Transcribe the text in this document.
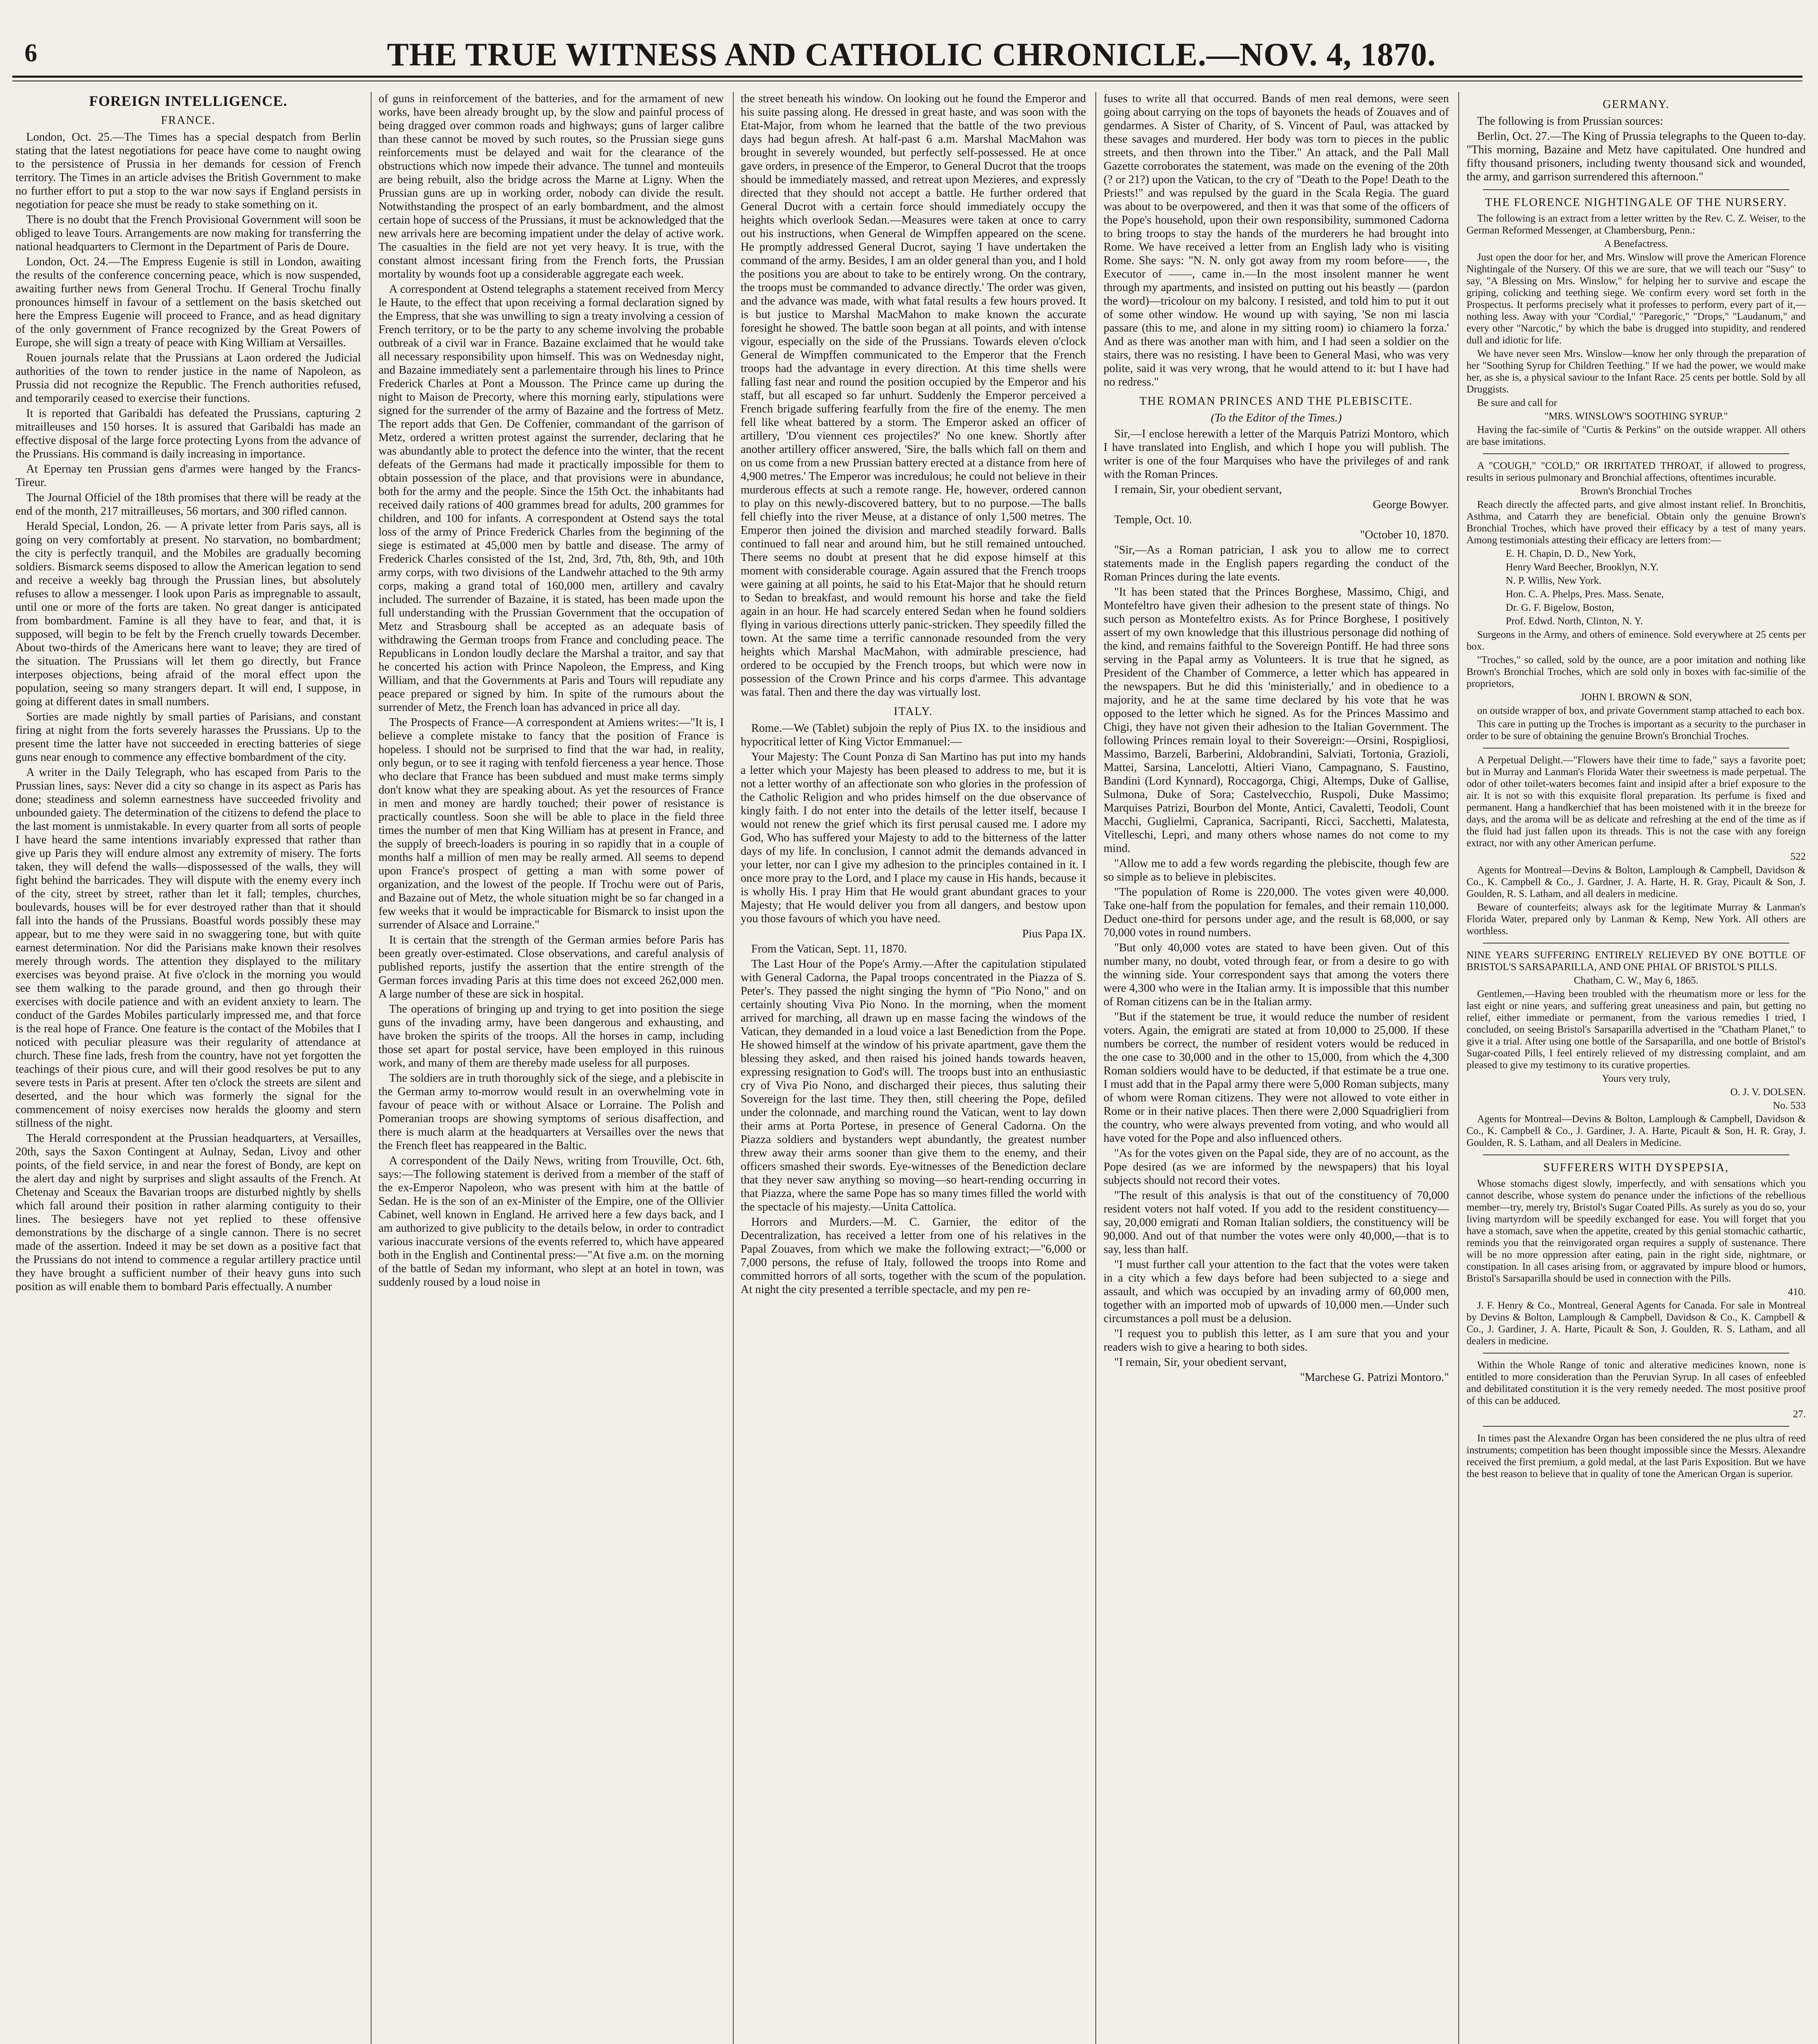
6	THE TRUE WITNESS AND CATHOLIC CHRONICLE.—NOV. 4, 1870.
FOREIGN INTELLIGENCE.
FRANCE.

London, Oct. 25.—The Times has a special despatch from Berlin stating that the latest negotiations for peace have come to naught owing to the persistence of Prussia in her demands for cession of French territory. The Times in an article advises the British Government to make no further effort to put a stop to the war now says if England persists in negotiation for peace she must be ready to stake something on it.

There is no doubt that the French Provisional Government will soon be obliged to leave Tours. Arrangements are now making for transferring the national headquarters to Clermont in the Department of Paris de Doure.

London, Oct. 24.—The Empress Eugenie is still in London, awaiting the results of the conference concerning peace, which is now suspended, awaiting further news from General Trochu. If General Trochu finally pronounces himself in favour of a settlement on the basis sketched out here the Empress Eugenie will proceed to France, and as head dignitary of the only government of France recognized by the Great Powers of Europe, she will sign a treaty of peace with King William at Versailles.

Rouen journals relate that the Prussians at Laon ordered the Judicial authorities of the town to render justice in the name of Napoleon, as Prussia did not recognize the Republic. The French authorities refused, and temporarily ceased to exercise their functions.

It is reported that Garibaldi has defeated the Prussians, capturing 2 mitrailleuses and 150 horses. It is assured that Garibaldi has made an effective disposal of the large force protecting Lyons from the advance of the Prussians. His command is daily increasing in importance.

At Epernay ten Prussian gens d'armes were hanged by the Francs-Tireur.

The Journal Officiel of the 18th promises that there will be ready at the end of the month, 217 mitrailleuses, 56 mortars, and 300 rifled cannon.

Herald Special, London, 26. — A private letter from Paris says, all is going on very comfortably at present. No starvation, no bombardment; the city is perfectly tranquil, and the Mobiles are gradually becoming soldiers. Bismarck seems disposed to allow the American legation to send and receive a weekly bag through the Prussian lines, but absolutely refuses to allow a messenger. I look upon Paris as impregnable to assault, until one or more of the forts are taken. No great danger is anticipated from bombardment. Famine is all they have to fear, and that, it is supposed, will begin to be felt by the French cruelly towards December. About two-thirds of the Americans here want to leave; they are tired of the situation. The Prussians will let them go directly, but France interposes objections, being afraid of the moral effect upon the population, seeing so many strangers depart. It will end, I suppose, in going at different dates in small numbers.

Sorties are made nightly by small parties of Parisians, and constant firing at night from the forts severely harasses the Prussians. Up to the present time the latter have not succeeded in erecting batteries of siege guns near enough to commence any effective bombardment of the city.

A writer in the Daily Telegraph, who has escaped from Paris to the Prussian lines, says: Never did a city so change in its aspect as Paris has done; steadiness and solemn earnestness have succeeded frivolity and unbounded gaiety. The determination of the citizens to defend the place to the last moment is unmistakable. In every quarter from all sorts of people I have heard the same intentions invariably expressed that rather than give up Paris they will endure almost any extremity of misery. The forts taken, they will defend the walls—dispossessed of the walls, they will fight behind the barricades. They will dispute with the enemy every inch of the city, street by street, rather than let it fall; temples, churches, boulevards, houses will be for ever destroyed rather than that it should fall into the hands of the Prussians. Boastful words possibly these may appear, but to me they were said in no swaggering tone, but with quite earnest determination. Nor did the Parisians make known their resolves merely through words. The attention they displayed to the military exercises was beyond praise. At five o'clock in the morning you would see them walking to the parade ground, and then go through their exercises with docile patience and with an evident anxiety to learn. The conduct of the Gardes Mobiles particularly impressed me, and that force is the real hope of France. One feature is the contact of the Mobiles that I noticed with peculiar pleasure was their regularity of attendance at church. These fine lads, fresh from the country, have not yet forgotten the teachings of their pious cure, and will their good resolves be put to any severe tests in Paris at present. After ten o'clock the streets are silent and deserted, and the hour which was formerly the signal for the commencement of noisy exercises now heralds the gloomy and stern stillness of the night.

The Herald correspondent at the Prussian headquarters, at Versailles, 20th, says the Saxon Contingent at Aulnay, Sedan, Livoy and other points, of the field service, in and near the forest of Bondy, are kept on the alert day and night by surprises and slight assaults of the French. At Chetenay and Sceaux the Bavarian troops are disturbed nightly by shells which fall around their position in rather alarming contiguity to their lines. The besiegers have not yet replied to these offensive demonstrations by the discharge of a single cannon. There is no secret made of the assertion. Indeed it may be set down as a positive fact that the Prussians do not intend to commence a regular artillery practice until they have brought a sufficient number of their heavy guns into such position as will enable them to bombard Paris effectually. A number

of guns in reinforcement of the batteries, and for the armament of new works, have been already brought up, by the slow and painful process of being dragged over common roads and highways; guns of larger calibre than these cannot be moved by such routes, so the Prussian siege guns reinforcements must be delayed and wait for the clearance of the obstructions which now impede their advance. The tunnel and monteuils are being rebuilt, also the bridge across the Marne at Ligny. When the Prussian guns are up in working order, nobody can divide the result. Notwithstanding the prospect of an early bombardment, and the almost certain hope of success of the Prussians, it must be acknowledged that the new arrivals here are becoming impatient under the delay of active work. The casualties in the field are not yet very heavy. It is true, with the constant almost incessant firing from the French forts, the Prussian mortality by wounds foot up a considerable aggregate each week.

A correspondent at Ostend telegraphs a statement received from Mercy le Haute, to the effect that upon receiving a formal declaration signed by the Empress, that she was unwilling to sign a treaty involving a cession of French territory, or to be the party to any scheme involving the probable outbreak of a civil war in France. Bazaine exclaimed that he would take all necessary responsibility upon himself. This was on Wednesday night, and Bazaine immediately sent a parlementaire through his lines to Prince Frederick Charles at Pont a Mousson. The Prince came up during the night to Maison de Precorty, where this morning early, stipulations were signed for the surrender of the army of Bazaine and the fortress of Metz. The report adds that Gen. De Coffenier, commandant of the garrison of Metz, ordered a written protest against the surrender, declaring that he was abundantly able to protect the defence into the winter, that the recent defeats of the Germans had made it practically impossible for them to obtain possession of the place, and that provisions were in abundance, both for the army and the people. Since the 15th Oct. the inhabitants had received daily rations of 400 grammes bread for adults, 200 grammes for children, and 100 for infants. A correspondent at Ostend says the total loss of the army of Prince Frederick Charles from the beginning of the siege is estimated at 45,000 men by battle and disease. The army of Frederick Charles consisted of the 1st, 2nd, 3rd, 7th, 8th, 9th, and 10th army corps, with two divisions of the Landwehr attached to the 9th army corps, making a grand total of 160,000 men, artillery and cavalry included. The surrender of Bazaine, it is stated, has been made upon the full understanding with the Prussian Government that the occupation of Metz and Strasbourg shall be accepted as an adequate basis of withdrawing the German troops from France and concluding peace. The Republicans in London loudly declare the Marshal a traitor, and say that he concerted his action with Prince Napoleon, the Empress, and King William, and that the Governments at Paris and Tours will repudiate any peace prepared or signed by him. In spite of the rumours about the surrender of Metz, the French loan has advanced in price all day.

The Prospects of France—A correspondent at Amiens writes:—"It is, I believe a complete mistake to fancy that the position of France is hopeless. I should not be surprised to find that the war had, in reality, only begun, or to see it raging with tenfold fierceness a year hence. Those who declare that France has been subdued and must make terms simply don't know what they are speaking about. As yet the resources of France in men and money are hardly touched; their power of resistance is practically countless. Soon she will be able to place in the field three times the number of men that King William has at present in France, and the supply of breech-loaders is pouring in so rapidly that in a couple of months half a million of men may be really armed. All seems to depend upon France's prospect of getting a man with some power of organization, and the lowest of the people. If Trochu were out of Paris, and Bazaine out of Metz, the whole situation might be so far changed in a few weeks that it would be impracticable for Bismarck to insist upon the surrender of Alsace and Lorraine."

It is certain that the strength of the German armies before Paris has been greatly over-estimated. Close observations, and careful analysis of published reports, justify the assertion that the entire strength of the German forces invading Paris at this time does not exceed 262,000 men. A large number of these are sick in hospital.

The operations of bringing up and trying to get into position the siege guns of the invading army, have been dangerous and exhausting, and have broken the spirits of the troops. All the horses in camp, including those set apart for postal service, have been employed in this ruinous work, and many of them are thereby made useless for all purposes.

The soldiers are in truth thoroughly sick of the siege, and a plebiscite in the German army to-morrow would result in an overwhelming vote in favour of peace with or without Alsace or Lorraine. The Polish and Pomeranian troops are showing symptoms of serious disaffection, and there is much alarm at the headquarters at Versailles over the news that the French fleet has reappeared in the Baltic.

A correspondent of the Daily News, writing from Trouville, Oct. 6th, says:—The following statement is derived from a member of the staff of the ex-Emperor Napoleon, who was present with him at the battle of Sedan. He is the son of an ex-Minister of the Empire, one of the Ollivier Cabinet, well known in England. He arrived here a few days back, and I am authorized to give publicity to the details below, in order to contradict various inaccurate versions of the events referred to, which have appeared both in the English and Continental press:—"At five a.m. on the morning of the battle of Sedan my informant, who slept at an hotel in town, was suddenly roused by a loud noise in

the street beneath his window. On looking out he found the Emperor and his suite passing along. He dressed in great haste, and was soon with the Etat-Major, from whom he learned that the battle of the two previous days had begun afresh. At half-past 6 a.m. Marshal MacMahon was brought in severely wounded, but perfectly self-possessed. He at once gave orders, in presence of the Emperor, to General Ducrot that the troops should be immediately massed, and retreat upon Mezieres, and expressly directed that they should not accept a battle. He further ordered that General Ducrot with a certain force should immediately occupy the heights which overlook Sedan.—Measures were taken at once to carry out his instructions, when General de Wimpffen appeared on the scene. He promptly addressed General Ducrot, saying 'I have undertaken the command of the army. Besides, I am an older general than you, and I hold the positions you are about to take to be entirely wrong. On the contrary, the troops must be commanded to advance directly.' The order was given, and the advance was made, with what fatal results a few hours proved. It is but justice to Marshal MacMahon to make known the accurate foresight he showed. The battle soon began at all points, and with intense vigour, especially on the side of the Prussians. Towards eleven o'clock General de Wimpffen communicated to the Emperor that the French troops had the advantage in every direction. At this time shells were falling fast near and round the position occupied by the Emperor and his staff, but all escaped so far unhurt. Suddenly the Emperor perceived a French brigade suffering fearfully from the fire of the enemy. The men fell like wheat battered by a storm. The Emperor asked an officer of artillery, 'D'ou viennent ces projectiles?' No one knew. Shortly after another artillery officer answered, 'Sire, the balls which fall on them and on us come from a new Prussian battery erected at a distance from here of 4,900 metres.' The Emperor was incredulous; he could not believe in their murderous effects at such a remote range. He, however, ordered cannon to play on this newly-discovered battery, but to no purpose.—The balls fell chiefly into the river Meuse, at a distance of only 1,500 metres. The Emperor then joined the division and marched steadily forward. Balls continued to fall near and around him, but he still remained untouched. There seems no doubt at present that he did expose himself at this moment with considerable courage. Again assured that the French troops were gaining at all points, he said to his Etat-Major that he should return to Sedan to breakfast, and would remount his horse and take the field again in an hour. He had scarcely entered Sedan when he found soldiers flying in various directions utterly panic-stricken. They speedily filled the town. At the same time a terrific cannonade resounded from the very heights which Marshal MacMahon, with admirable prescience, had ordered to be occupied by the French troops, but which were now in possession of the Crown Prince and his corps d'armee. This advantage was fatal. Then and there the day was virtually lost.

ITALY.

Rome.—We (Tablet) subjoin the reply of Pius IX. to the insidious and hypocritical letter of King Victor Emmanuel:—

Your Majesty: The Count Ponza di San Martino has put into my hands a letter which your Majesty has been pleased to address to me, but it is not a letter worthy of an affectionate son who glories in the profession of the Catholic Religion and who prides himself on the due observance of kingly faith. I do not enter into the details of the letter itself, because I would not renew the grief which its first perusal caused me. I adore my God, Who has suffered your Majesty to add to the bitterness of the latter days of my life. In conclusion, I cannot admit the demands advanced in your letter, nor can I give my adhesion to the principles contained in it. I once more pray to the Lord, and I place my cause in His hands, because it is wholly His. I pray Him that He would grant abundant graces to your Majesty; that He would deliver you from all dangers, and bestow upon you those favours of which you have need.

Pius Papa IX.

From the Vatican, Sept. 11, 1870.

The Last Hour of the Pope's Army.—After the capitulation stipulated with General Cadorna, the Papal troops concentrated in the Piazza of S. Peter's. They passed the night singing the hymn of "Pio Nono," and on certainly shouting Viva Pio Nono. In the morning, when the moment arrived for marching, all drawn up en masse facing the windows of the Vatican, they demanded in a loud voice a last Benediction from the Pope. He showed himself at the window of his private apartment, gave them the blessing they asked, and then raised his joined hands towards heaven, expressing resignation to God's will. The troops bust into an enthusiastic cry of Viva Pio Nono, and discharged their pieces, thus saluting their Sovereign for the last time. They then, still cheering the Pope, defiled under the colonnade, and marching round the Vatican, went to lay down their arms at Porta Portese, in presence of General Cadorna. On the Piazza soldiers and bystanders wept abundantly, the greatest number threw away their arms sooner than give them to the enemy, and their officers smashed their swords. Eye-witnesses of the Benediction declare that they never saw anything so moving—so heart-rending occurring in that Piazza, where the same Pope has so many times filled the world with the spectacle of his majesty.—Unita Cattolica.

Horrors and Murders.—M. C. Garnier, the editor of the Decentralization, has received a letter from one of his relatives in the Papal Zouaves, from which we make the following extract;—"6,000 or 7,000 persons, the refuse of Italy, followed the troops into Rome and committed horrors of all sorts, together with the scum of the population. At night the city presented a terrible spectacle, and my pen re-

fuses to write all that occurred. Bands of men real demons, were seen going about carrying on the tops of bayonets the heads of Zouaves and of gendarmes. A Sister of Charity, of S. Vincent of Paul, was attacked by these savages and murdered. Her body was torn to pieces in the public streets, and then thrown into the Tiber." An attack, and the Pall Mall Gazette corroborates the statement, was made on the evening of the 20th (? or 21?) upon the Vatican, to the cry of "Death to the Pope! Death to the Priests!" and was repulsed by the guard in the Scala Regia. The guard was about to be overpowered, and then it was that some of the officers of the Pope's household, upon their own responsibility, summoned Cadorna to bring troops to stay the hands of the murderers he had brought into Rome. We have received a letter from an English lady who is visiting Rome. She says: "N. N. only got away from my room before——, the Executor of ——, came in.—In the most insolent manner he went through my apartments, and insisted on putting out his beastly — (pardon the word)—tricolour on my balcony. I resisted, and told him to put it out of some other window. He wound up with saying, 'Se non mi lascia passare (this to me, and alone in my sitting room) io chiamero la forza.' And as there was another man with him, and I had seen a soldier on the stairs, there was no resisting. I have been to General Masi, who was very polite, said it was very wrong, that he would attend to it: but I have had no redress."

THE ROMAN PRINCES AND THE PLEBISCITE.

(To the Editor of the Times.)

Sir,—I enclose herewith a letter of the Marquis Patrizi Montoro, which I have translated into English, and which I hope you will publish. The writer is one of the four Marquises who have the privileges of and rank with the Roman Princes.

I remain, Sir, your obedient servant,

George Bowyer.

Temple, Oct. 10.

"October 10, 1870.

"Sir,—As a Roman patrician, I ask you to allow me to correct statements made in the English papers regarding the conduct of the Roman Princes during the late events.

"It has been stated that the Princes Borghese, Massimo, Chigi, and Montefeltro have given their adhesion to the present state of things. No such person as Montefeltro exists. As for Prince Borghese, I positively assert of my own knowledge that this illustrious personage did nothing of the kind, and remains faithful to the Sovereign Pontiff. He had three sons serving in the Papal army as Volunteers. It is true that he signed, as President of the Chamber of Commerce, a letter which has appeared in the newspapers. But he did this 'ministerially,' and in obedience to a majority, and he at the same time declared by his vote that he was opposed to the letter which he signed. As for the Princes Massimo and Chigi, they have not given their adhesion to the Italian Government. The following Princes remain loyal to their Sovereign:—Orsini, Rospigliosi, Massimo, Barzeli, Barberini, Aldobrandini, Salviati, Tortonia, Grazioli, Mattei, Sarsina, Lancelotti, Altieri Viano, Campagnano, S. Faustino, Bandini (Lord Kynnard), Roccagorga, Chigi, Altemps, Duke of Gallise, Sulmona, Duke of Sora; Castelvecchio, Ruspoli, Duke Massimo; Marquises Patrizi, Bourbon del Monte, Antici, Cavaletti, Teodoli, Count Macchi, Guglielmi, Capranica, Sacripanti, Ricci, Sacchetti, Malatesta, Vitelleschi, Lepri, and many others whose names do not come to my mind.

"Allow me to add a few words regarding the plebiscite, though few are so simple as to believe in plebiscites.

"The population of Rome is 220,000. The votes given were 40,000. Take one-half from the population for females, and their remain 110,000. Deduct one-third for persons under age, and the result is 68,000, or say 70,000 votes in round numbers.

"But only 40,000 votes are stated to have been given. Out of this number many, no doubt, voted through fear, or from a desire to go with the winning side. Your correspondent says that among the voters there were 4,300 who were in the Italian army. It is impossible that this number of Roman citizens can be in the Italian army.

"But if the statement be true, it would reduce the number of resident voters. Again, the emigrati are stated at from 10,000 to 25,000. If these numbers be correct, the number of resident voters would be reduced in the one case to 30,000 and in the other to 15,000, from which the 4,300 Roman soldiers would have to be deducted, if that estimate be a true one. I must add that in the Papal army there were 5,000 Roman subjects, many of whom were Roman citizens. They were not allowed to vote either in Rome or in their native places. Then there were 2,000 Squadriglieri from the country, who were always prevented from voting, and who would all have voted for the Pope and also influenced others.

"As for the votes given on the Papal side, they are of no account, as the Pope desired (as we are informed by the newspapers) that his loyal subjects should not record their votes.

"The result of this analysis is that out of the constituency of 70,000 resident voters not half voted. If you add to the resident constituency—say, 20,000 emigrati and Roman Italian soldiers, the constituency will be 90,000. And out of that number the votes were only 40,000,—that is to say, less than half.

"I must further call your attention to the fact that the votes were taken in a city which a few days before had been subjected to a siege and assault, and which was occupied by an invading army of 60,000 men, together with an imported mob of upwards of 10,000 men.—Under such circumstances a poll must be a delusion.

"I request you to publish this letter, as I am sure that you and your readers wish to give a hearing to both sides.

"I remain, Sir, your obedient servant,

"Marchese G. Patrizi Montoro."

GERMANY.

The following is from Prussian sources:

Berlin, Oct. 27.—The King of Prussia telegraphs to the Queen to-day. "This morning, Bazaine and Metz have capitulated. One hundred and fifty thousand prisoners, including twenty thousand sick and wounded, the army, and garrison surrendered this afternoon."

THE FLORENCE NIGHTINGALE OF THE NURSERY.

The following is an extract from a letter written by the Rev. C. Z. Weiser, to the German Reformed Messenger, at Chambersburg, Penn.:

A Benefactress.

Just open the door for her, and Mrs. Winslow will prove the American Florence Nightingale of the Nursery. Of this we are sure, that we will teach our "Susy" to say, "A Blessing on Mrs. Winslow," for helping her to survive and escape the griping, colicking and teething siege. We confirm every word set forth in the Prospectus. It performs precisely what it professes to perform, every part of it,—nothing less. Away with your "Cordial," "Paregoric," "Drops," "Laudanum," and every other "Narcotic," by which the babe is drugged into stupidity, and rendered dull and idiotic for life.

We have never seen Mrs. Winslow—know her only through the preparation of her "Soothing Syrup for Children Teething." If we had the power, we would make her, as she is, a physical saviour to the Infant Race. 25 cents per bottle. Sold by all Druggists.

Be sure and call for

"MRS. WINSLOW'S SOOTHING SYRUP."

Having the fac-simile of "Curtis & Perkins" on the outside wrapper. All others are base imitations.

A "COUGH," "COLD," OR IRRITATED THROAT, if allowed to progress, results in serious pulmonary and Bronchial affections, oftentimes incurable.

Brown's Bronchial Troches

Reach directly the affected parts, and give almost instant relief. In Bronchitis, Asthma, and Catarrh they are beneficial. Obtain only the genuine Brown's Bronchial Troches, which have proved their efficacy by a test of many years. Among testimonials attesting their efficacy are letters from:—

E. H. Chapin, D. D., New York,

Henry Ward Beecher, Brooklyn, N.Y.

N. P. Willis, New York.

Hon. C. A. Phelps, Pres. Mass. Senate,

Dr. G. F. Bigelow, Boston,

Prof. Edwd. North, Clinton, N. Y.

Surgeons in the Army, and others of eminence. Sold everywhere at 25 cents per box.

"Troches," so called, sold by the ounce, are a poor imitation and nothing like Brown's Bronchial Troches, which are sold only in boxes with fac-similie of the proprietors,

JOHN I. BROWN & SON,

on outside wrapper of box, and private Government stamp attached to each box.

This care in putting up the Troches is important as a security to the purchaser in order to be sure of obtaining the genuine Brown's Bronchial Troches.

A Perpetual Delight.—"Flowers have their time to fade," says a favorite poet; but in Murray and Lanman's Florida Water their sweetness is made perpetual. The odor of other toilet-waters becomes faint and insipid after a brief exposure to the air. It is not so with this exquisite floral preparation. Its perfume is fixed and permanent. Hang a handkerchief that has been moistened with it in the breeze for days, and the aroma will be as delicate and refreshing at the end of the time as if the fluid had just fallen upon its threads. This is not the case with any foreign extract, nor with any other American perfume.

522

Agents for Montreal—Devins & Bolton, Lamplough & Campbell, Davidson & Co., K. Campbell & Co., J. Gardner, J. A. Harte, H. R. Gray, Picault & Son, J. Goulden, R. S. Latham, and all dealers in medicine.

Beware of counterfeits; always ask for the legitimate Murray & Lanman's Florida Water, prepared only by Lanman & Kemp, New York. All others are worthless.

NINE YEARS SUFFERING ENTIRELY RELIEVED BY ONE BOTTLE OF BRISTOL'S SARSAPARILLA, AND ONE PHIAL OF BRISTOL'S PILLS.

Chatham, C. W., May 6, 1865.

Gentlemen,—Having been troubled with the rheumatism more or less for the last eight or nine years, and suffering great uneasiness and pain, but getting no relief, either immediate or permanent, from the various remedies I tried, I concluded, on seeing Bristol's Sarsaparilla advertised in the "Chatham Planet," to give it a trial. After using one bottle of the Sarsaparilla, and one bottle of Bristol's Sugar-coated Pills, I feel entirely relieved of my distressing complaint, and am pleased to give my testimony to its curative properties.

Yours very truly,

O. J. V. DOLSEN.

No. 533

Agents for Montreal—Devins & Bolton, Lamplough & Campbell, Davidson & Co., K. Campbell & Co., J. Gardiner, J. A. Harte, Picault & Son, H. R. Gray, J. Goulden, R. S. Latham, and all Dealers in Medicine.

SUFFERERS WITH DYSPEPSIA,

Whose stomachs digest slowly, imperfectly, and with sensations which you cannot describe, whose system do penance under the infictions of the rebellious member—try, merely try, Bristol's Sugar Coated Pills. As surely as you do so, your living martyrdom will be speedily exchanged for ease. You will forget that you have a stomach, save when the appetite, created by this genial stomachic cathartic, reminds you that the reinvigorated organ requires a supply of sustenance. There will be no more oppression after eating, pain in the right side, nightmare, or constipation. In all cases arising from, or aggravated by impure blood or humors, Bristol's Sarsaparilla should be used in connection with the Pills.

410.

J. F. Henry & Co., Montreal, General Agents for Canada. For sale in Montreal by Devins & Bolton, Lamplough & Campbell, Davidson & Co., K. Campbell & Co., J. Gardiner, J. A. Harte, Picault & Son, J. Goulden, R. S. Latham, and all dealers in medicine.

Within the Whole Range of tonic and alterative medicines known, none is entitled to more consideration than the Peruvian Syrup. In all cases of enfeebled and debilitated constitution it is the very remedy needed. The most positive proof of this can be adduced.

27.

In times past the Alexandre Organ has been considered the ne plus ultra of reed instruments; competition has been thought impossible since the Messrs. Alexandre received the first premium, a gold medal, at the last Paris Exposition. But we have the best reason to believe that in quality of tone the American Organ is superior.
